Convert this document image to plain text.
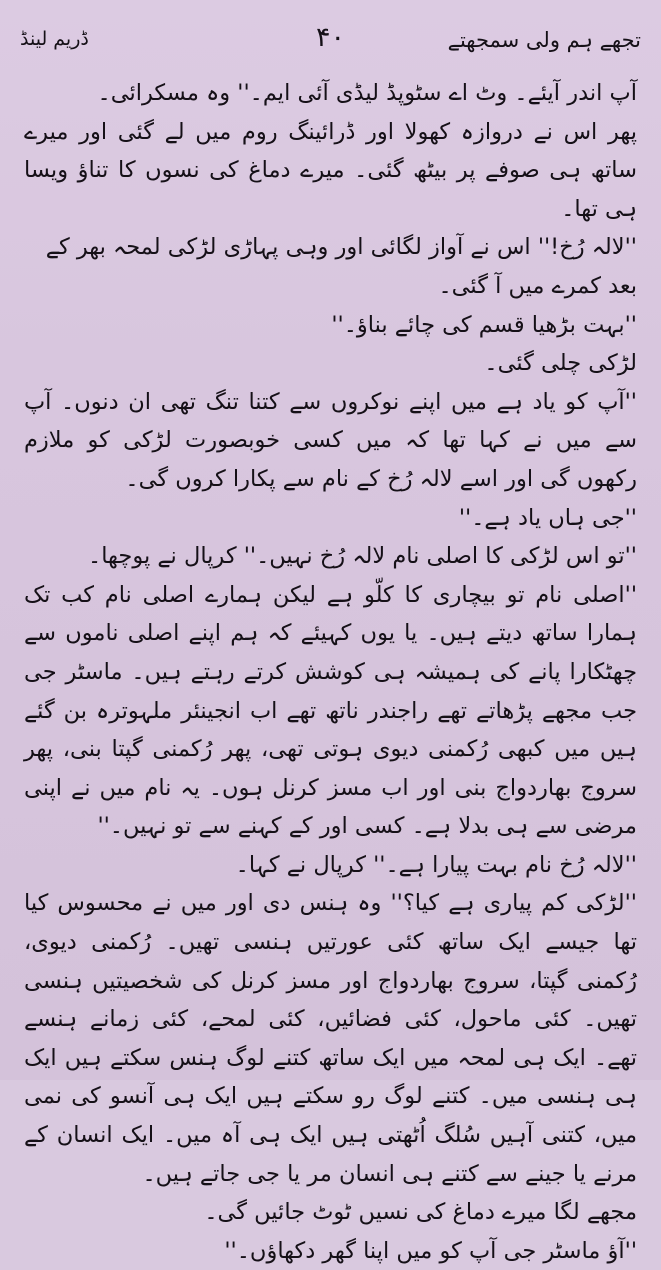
ڈریم لینڈ	۴۰	تجھے ہم ولی سمجھتے

آپ اندر آیئے۔ وٹ اے سٹوپڈ لیڈی آئی ایم۔'' وہ مسکرائی۔

پھر اس نے دروازہ کھولا اور ڈرائینگ روم میں لے گئی اور میرے ساتھ ہی صوفے پر بیٹھ گئی۔ میرے دماغ کی نسوں کا تناؤ ویسا ہی تھا۔

''لالہ رُخ!'' اس نے آواز لگائی اور وہی پہاڑی لڑکی لمحہ بھر کے بعد کمرے میں آ گئی۔

''بہت بڑھیا قسم کی چائے بناؤ۔''

لڑکی چلی گئی۔

''آپ کو یاد ہے میں اپنے نوکروں سے کتنا تنگ تھی ان دنوں۔ آپ سے میں نے کہا تھا کہ میں کسی خوبصورت لڑکی کو ملازم رکھوں گی اور اسے لالہ رُخ کے نام سے پکارا کروں گی۔

''جی ہاں یاد ہے۔''

''تو اس لڑکی کا اصلی نام لالہ رُخ نہیں۔'' کرپال نے پوچھا۔

''اصلی نام تو بیچاری کا کلّو ہے لیکن ہمارے اصلی نام کب تک ہمارا ساتھ دیتے ہیں۔ یا یوں کہیئے کہ ہم اپنے اصلی ناموں سے چھٹکارا پانے کی ہمیشہ ہی کوشش کرتے رہتے ہیں۔ ماسٹر جی جب مجھے پڑھاتے تھے راجندر ناتھ تھے اب انجینئر ملہوترہ بن گئے ہیں میں کبھی رُکمنی دیوی ہوتی تھی، پھر رُکمنی گپتا بنی، پھر سروج بھاردواج بنی اور اب مسز کرنل ہوں۔ یہ نام میں نے اپنی مرضی سے ہی بدلا ہے۔ کسی اور کے کہنے سے تو نہیں۔''

''لالہ رُخ نام بہت پیارا ہے۔'' کرپال نے کہا۔

''لڑکی کم پیاری ہے کیا؟'' وہ ہنس دی اور میں نے محسوس کیا تھا جیسے ایک ساتھ کئی عورتیں ہنسی تھیں۔ رُکمنی دیوی، رُکمنی گپتا، سروج بھاردواج اور مسز کرنل کی شخصیتیں ہنسی تھیں۔ کئی ماحول، کئی فضائیں، کئی لمحے، کئی زمانے ہنسے تھے۔ ایک ہی لمحہ میں ایک ساتھ کتنے لوگ ہنس سکتے ہیں ایک ہی ہنسی میں۔ کتنے لوگ رو سکتے ہیں ایک ہی آنسو کی نمی میں، کتنی آہیں سُلگ اُٹھتی ہیں ایک ہی آہ میں۔ ایک انسان کے مرنے یا جینے سے کتنے ہی انسان مر یا جی جاتے ہیں۔

مجھے لگا میرے دماغ کی نسیں ٹوٹ جائیں گی۔

''آؤ ماسٹر جی آپ کو میں اپنا گھر دکھاؤں۔''
